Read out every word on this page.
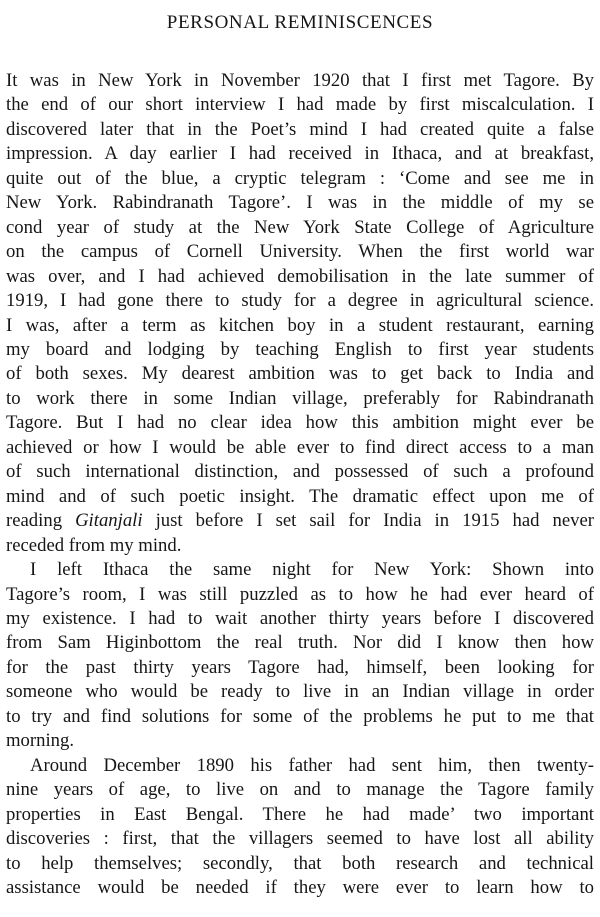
PERSONAL REMINISCENCES
It was in New York in November 1920 that I first met Tagore. By
the end of our short interview I had made by first miscalculation. I
discovered later that in the Poet’s mind I had created quite a false
impression. A day earlier I had received in Ithaca, and at breakfast,
quite out of the blue, a cryptic telegram : ‘Come and see me in
New York. Rabindranath Tagore’. I was in the middle of my se
cond year of study at the New York State College of Agriculture
on the campus of Cornell University. When the first world war
was over, and I had achieved demobilisation in the late summer of
1919, I had gone there to study for a degree in agricultural science.
I was, after a term as kitchen boy in a student restaurant, earning
my board and lodging by teaching English to first year students
of both sexes. My dearest ambition was to get back to India and
to work there in some Indian village, preferably for Rabindranath
Tagore. But I had no clear idea how this ambition might ever be
achieved or how I would be able ever to find direct access to a man
of such international distinction, and possessed of such a profound
mind and of such poetic insight. The dramatic effect upon me of
reading Gitanjali just before I set sail for India in 1915 had never
receded from my mind.
I left Ithaca the same night for New York: Shown into
Tagore’s room, I was still puzzled as to how he had ever heard of
my existence. I had to wait another thirty years before I discovered
from Sam Higinbottom the real truth. Nor did I know then how
for the past thirty years Tagore had, himself, been looking for
someone who would be ready to live in an Indian village in order
to try and find solutions for some of the problems he put to me that
morning.
Around December 1890 his father had sent him, then twenty-
nine years of age, to live on and to manage the Tagore family
properties in East Bengal. There he had made’ two important
discoveries : first, that the villagers seemed to have lost all ability
to help themselves; secondly, that both research and technical
assistance would be needed if they were ever to learn how to
